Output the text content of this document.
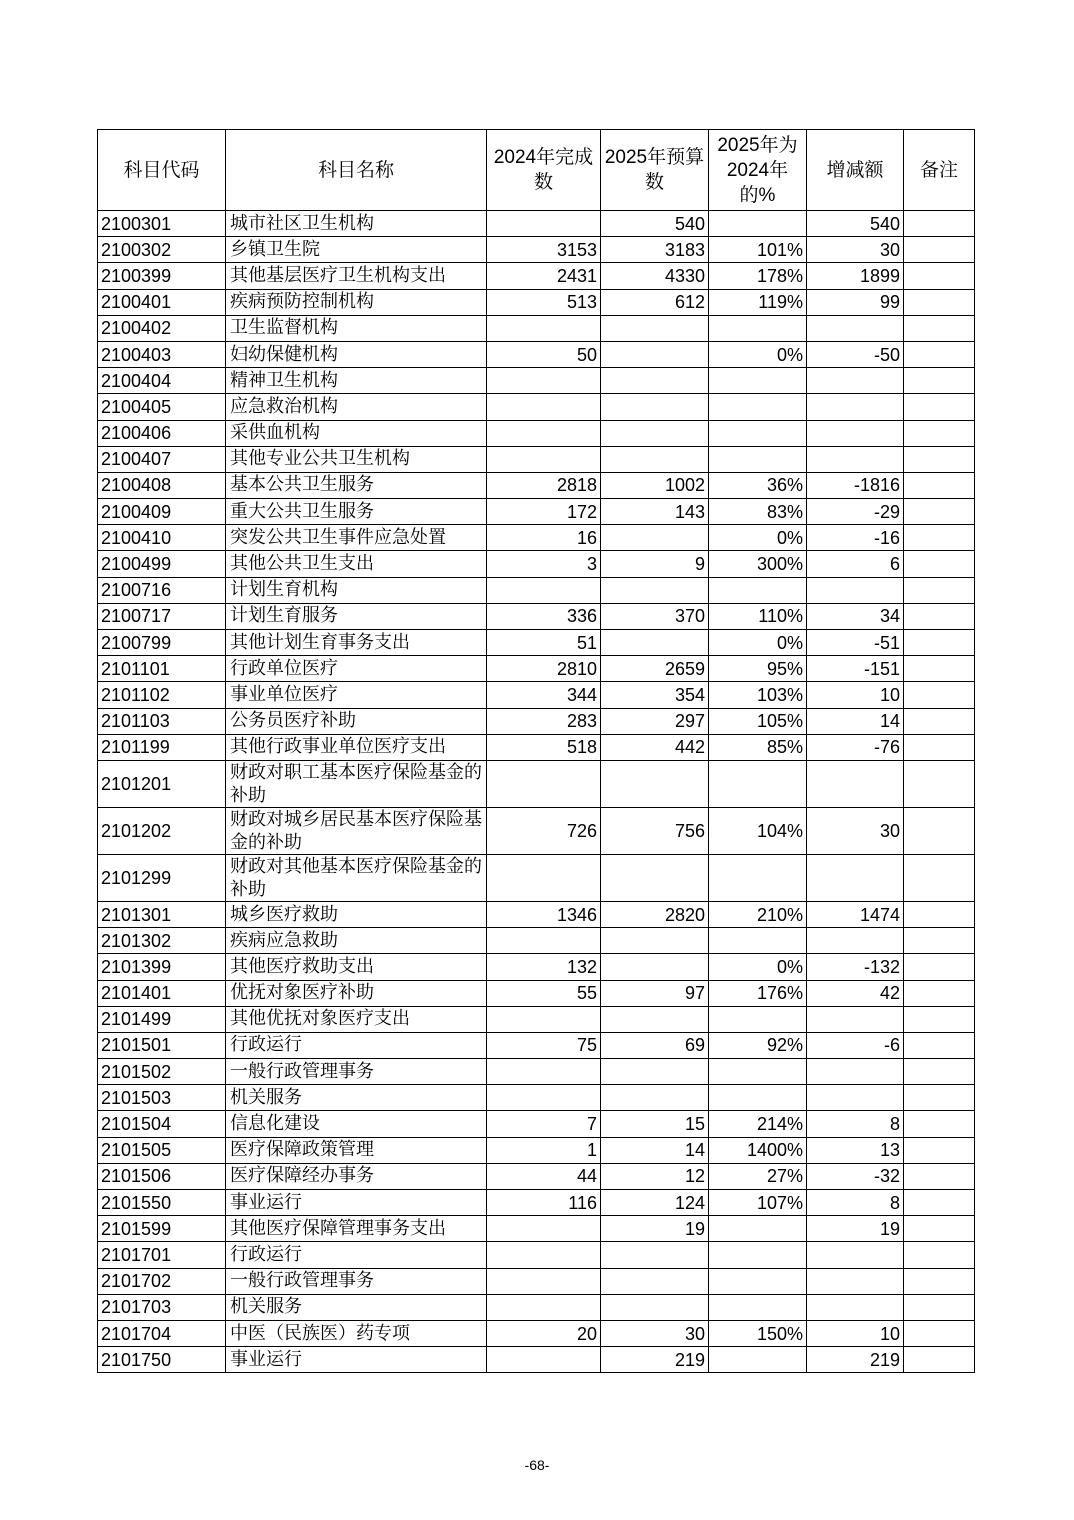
科目代码	科目名称	2024年完成数	2025年预算数	2025年为2024年的%	增减额	备注
2100301	城市社区卫生机构		540		540	
2100302	乡镇卫生院	3153	3183	101%	30	
2100399	其他基层医疗卫生机构支出	2431	4330	178%	1899	
2100401	疾病预防控制机构	513	612	119%	99	
2100402	卫生监督机构					
2100403	妇幼保健机构	50		0%	-50	
2100404	精神卫生机构					
2100405	应急救治机构					
2100406	采供血机构					
2100407	其他专业公共卫生机构					
2100408	基本公共卫生服务	2818	1002	36%	-1816	
2100409	重大公共卫生服务	172	143	83%	-29	
2100410	突发公共卫生事件应急处置	16		0%	-16	
2100499	其他公共卫生支出	3	9	300%	6	
2100716	计划生育机构					
2100717	计划生育服务	336	370	110%	34	
2100799	其他计划生育事务支出	51		0%	-51	
2101101	行政单位医疗	2810	2659	95%	-151	
2101102	事业单位医疗	344	354	103%	10	
2101103	公务员医疗补助	283	297	105%	14	
2101199	其他行政事业单位医疗支出	518	442	85%	-76	
2101201	财政对职工基本医疗保险基金的补助					
2101202	财政对城乡居民基本医疗保险基金的补助	726	756	104%	30	
2101299	财政对其他基本医疗保险基金的补助					
2101301	城乡医疗救助	1346	2820	210%	1474	
2101302	疾病应急救助					
2101399	其他医疗救助支出	132		0%	-132	
2101401	优抚对象医疗补助	55	97	176%	42	
2101499	其他优抚对象医疗支出					
2101501	行政运行	75	69	92%	-6	
2101502	一般行政管理事务					
2101503	机关服务					
2101504	信息化建设	7	15	214%	8	
2101505	医疗保障政策管理	1	14	1400%	13	
2101506	医疗保障经办事务	44	12	27%	-32	
2101550	事业运行	116	124	107%	8	
2101599	其他医疗保障管理事务支出		19		19	
2101701	行政运行					
2101702	一般行政管理事务					
2101703	机关服务					
2101704	中医（民族医）药专项	20	30	150%	10	
2101750	事业运行		219		219	
-68-
